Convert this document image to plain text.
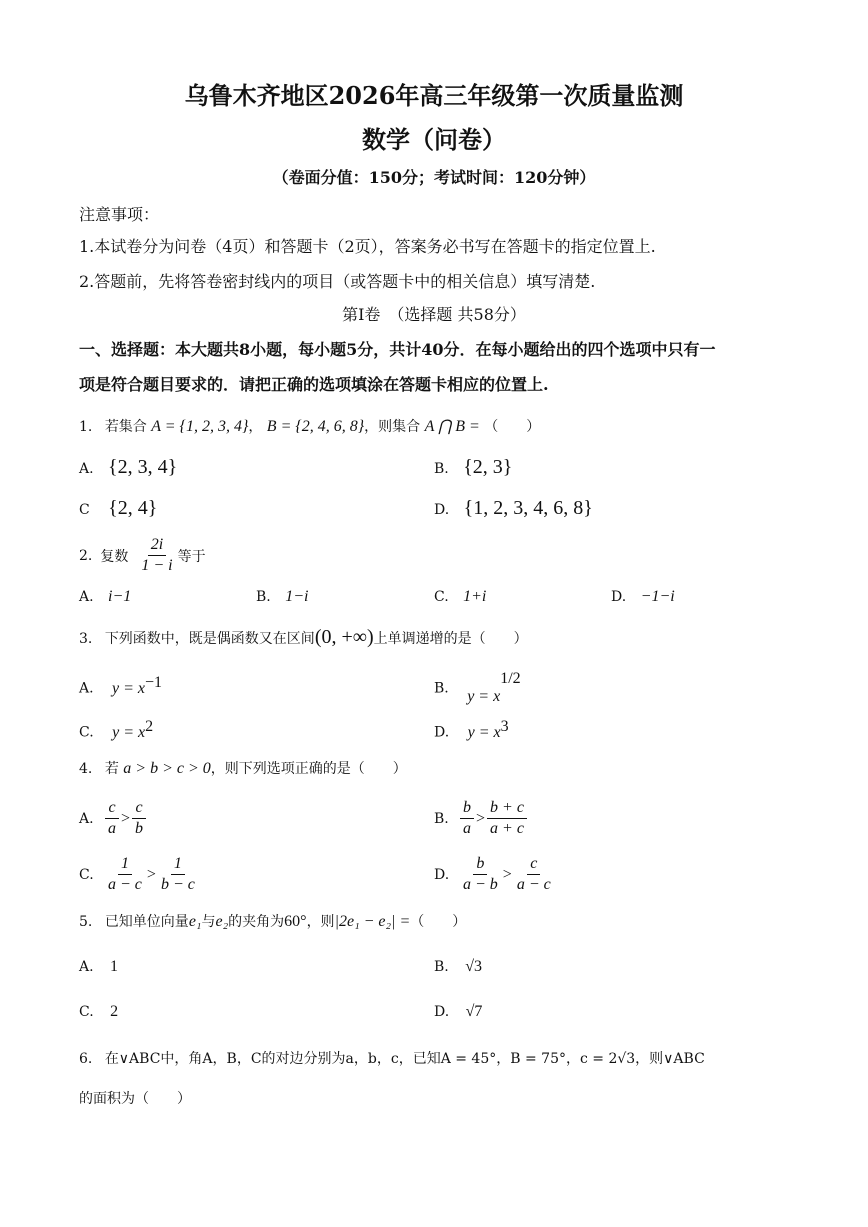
乌鲁木齐地区2026年高三年级第一次质量监测
数学（问卷）
（卷面分值：150分；考试时间：120分钟）
注意事项：
1.本试卷分为问卷（4页）和答题卡（2页），答案务必书写在答题卡的指定位置上.
2.答题前，先将答卷密封线内的项目（或答题卡中的相关信息）填写清楚.
第Ⅰ卷　（选择题 共58分）
一、选择题：本大题共8小题，每小题5分，共计40分．在每小题给出的四个选项中只有一
项是符合题目要求的．请把正确的选项填涂在答题卡相应的位置上.
1. 若集合 A = {1, 2, 3, 4}， B = {2, 4, 6, 8}，则集合 A ⋂ B = （　　）
A. {2, 3, 4}	B. {2, 3}
C {2, 4}	D. {1, 2, 3, 4, 6, 8}
2. 复数 $\frac{2i}{1 - i}$ 等于
A. i−1	B. 1−i	C. 1+i	D. −1−i
3. 下列函数中，既是偶函数又在区间(0, +∞)上单调递增的是（　　）
A. $y = x^{-1}$	B. $y = x^{1/2}$
C. $y = x^2$	D. $y = x^3$
4. 若 a > b > c > 0，则下列选项正确的是（　　）
A. $\frac{c}{a} > \frac{c}{b}$	B. $\frac{b}{a} > \frac{b + c}{a + c}$
C. $\frac{1}{a - c} > \frac{1}{b - c}$	D. $\frac{b}{a - b} > \frac{c}{a - c}$
5. 已知单位向量e₁与e₂的夹角为60°，则|2e₁ − e₂| =（　　）
A. 1	B. √3
C. 2	D. √7
6. 在∨ABC中，角A，B，C的对边分别为a，b，c，已知A = 45°，B = 75°，c = 2√3，则∨ABC
的面积为（　　）
